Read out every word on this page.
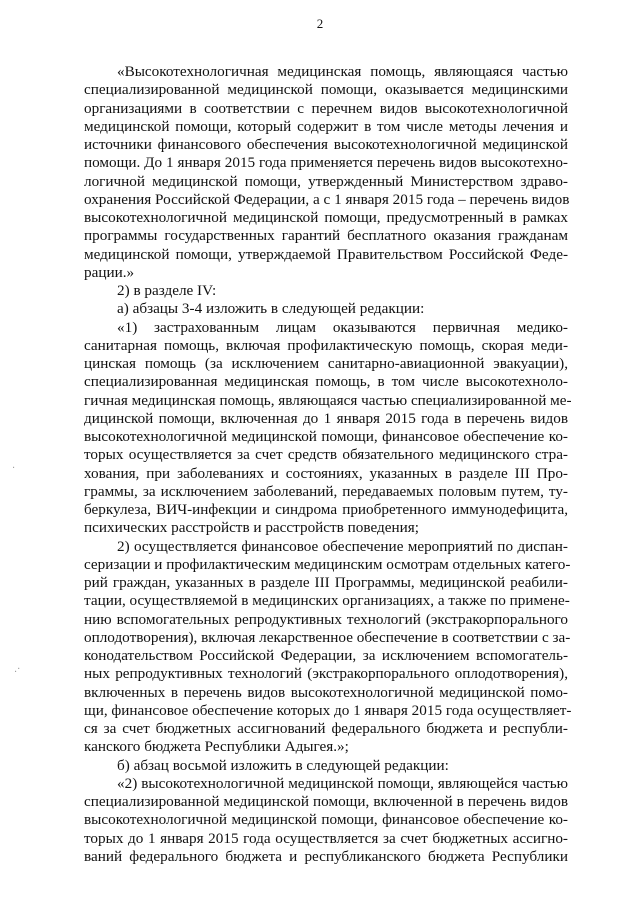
2
«Высокотехнологичная медицинская помощь, являющаяся частью
специализированной медицинской помощи, оказывается медицинскими
организациями в соответствии с перечнем видов высокотехнологичной
медицинской помощи, который содержит в том числе методы лечения и
источники финансового обеспечения высокотехнологичной медицинской
помощи. До 1 января 2015 года применяется перечень видов высокотехно-
логичной медицинской помощи, утвержденный Министерством здраво-
охранения Российской Федерации, а с 1 января 2015 года – перечень видов
высокотехнологичной медицинской помощи, предусмотренный в рамках
программы государственных гарантий бесплатного оказания гражданам
медицинской помощи, утверждаемой Правительством Российской Феде-
рации.»
2) в разделе IV:
а) абзацы 3-4 изложить в следующей редакции:
«1) застрахованным лицам оказываются первичная медико-
санитарная помощь, включая профилактическую помощь, скорая меди-
цинская помощь (за исключением санитарно-авиационной эвакуации),
специализированная медицинская помощь, в том числе высокотехноло-
гичная медицинская помощь, являющаяся частью специализированной ме-
дицинской помощи, включенная до 1 января 2015 года в перечень видов
высокотехнологичной медицинской помощи, финансовое обеспечение ко-
торых осуществляется за счет средств обязательного медицинского стра-
хования, при заболеваниях и состояниях, указанных в разделе III Про-
граммы, за исключением заболеваний, передаваемых половым путем, ту-
беркулеза, ВИЧ-инфекции и синдрома приобретенного иммунодефицита,
психических расстройств и расстройств поведения;
2) осуществляется финансовое обеспечение мероприятий по диспан-
серизации и профилактическим медицинским осмотрам отдельных катего-
рий граждан, указанных в разделе III Программы, медицинской реабили-
тации, осуществляемой в медицинских организациях, а также по примене-
нию вспомогательных репродуктивных технологий (экстракорпорального
оплодотворения), включая лекарственное обеспечение в соответствии с за-
конодательством Российской Федерации, за исключением вспомогатель-
ных репродуктивных технологий (экстракорпорального оплодотворения),
включенных в перечень видов высокотехнологичной медицинской помо-
щи, финансовое обеспечение которых до 1 января 2015 года осуществляет-
ся за счет бюджетных ассигнований федерального бюджета и республи-
канского бюджета Республики Адыгея.»;
б) абзац восьмой изложить в следующей редакции:
«2) высокотехнологичной медицинской помощи, являющейся частью
специализированной медицинской помощи, включенной в перечень видов
высокотехнологичной медицинской помощи, финансовое обеспечение ко-
торых до 1 января 2015 года осуществляется за счет бюджетных ассигно-
ваний федерального бюджета и республиканского бюджета Республики
.
.·
